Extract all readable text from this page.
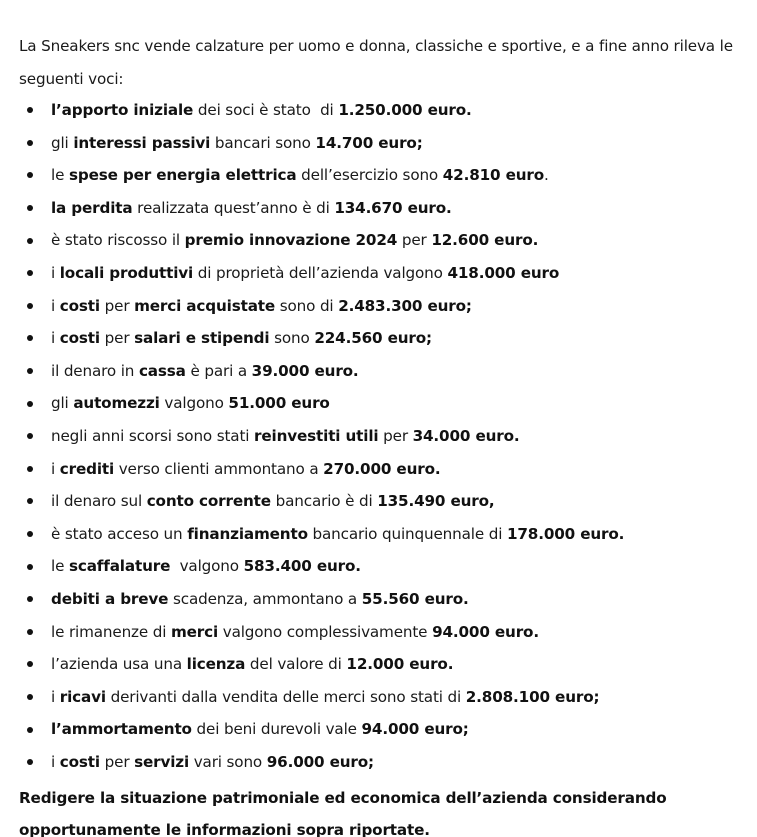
La Sneakers snc vende calzature per uomo e donna, classiche e sportive, e a fine anno rileva le seguenti voci:

l’apporto iniziale dei soci è stato  di 1.250.000 euro.
gli interessi passivi bancari sono 14.700 euro;
le spese per energia elettrica dell’esercizio sono 42.810 euro.
la perdita realizzata quest’anno è di 134.670 euro.
è stato riscosso il premio innovazione 2024 per 12.600 euro.
i locali produttivi di proprietà dell’azienda valgono 418.000 euro
i costi per merci acquistate sono di 2.483.300 euro;
i costi per salari e stipendi sono 224.560 euro;
il denaro in cassa è pari a 39.000 euro.
gli automezzi valgono 51.000 euro
negli anni scorsi sono stati reinvestiti utili per 34.000 euro.
i crediti verso clienti ammontano a 270.000 euro.
il denaro sul conto corrente bancario è di 135.490 euro,
è stato acceso un finanziamento bancario quinquennale di 178.000 euro.
le scaffalature  valgono 583.400 euro.
debiti a breve scadenza, ammontano a 55.560 euro.
le rimanenze di merci valgono complessivamente 94.000 euro.
l’azienda usa una licenza del valore di 12.000 euro.
i ricavi derivanti dalla vendita delle merci sono stati di 2.808.100 euro;
l’ammortamento dei beni durevoli vale 94.000 euro;
i costi per servizi vari sono 96.000 euro;

Redigere la situazione patrimoniale ed economica dell’azienda considerando opportunamente le informazioni sopra riportate.
